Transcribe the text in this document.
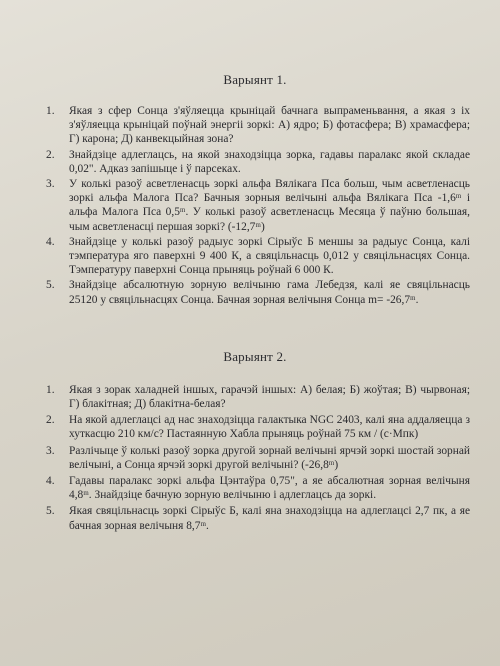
Варыянт 1.
1. Якая з сфер Сонца з'яўляецца крыніцай бачнага выпраменьвання, а якая з іх з'яўляецца крыніцай поўнай энергіі зоркі: А) ядро; Б) фотасфера; В) храмасфера; Г) карона; Д) канвекцыйная зона?
2. Знайдзіце адлеглацсь, на якой знаходзіцца зорка, гадавы паралакс якой складае 0,02". Адказ запішыце і ў парсеках.
3. У колькі разоў асветленасць зоркі альфа Вялікага Пса больш, чым асветленасць зоркі альфа Малога Пса? Бачныя зорныя велічыні альфа Вялікага Пса -1,6ᵐ і альфа Малога Пса 0,5ᵐ. У колькі разоў асветленасць Месяца ў паўню большая, чым асветленасці першая зоркі? (-12,7ᵐ)
4. Знайдзіце у колькі разоў радыус зоркі Сірыўс Б меншы за радыус Сонца, калі тэмпература яго паверхні 9 400 К, а свяцільнасць 0,012 у свяцільнасцях Сонца. Тэмпературу паверхні Сонца прыняць роўнай 6 000 К.
5. Знайдзіце абсалютную зорную велічыню гама Лебедзя, калі яе свяцільнасць 25120 у свяцільнасцях Сонца. Бачная зорная велічыня Сонца m= -26,7ᵐ.
Варыянт 2.
1. Якая з зорак халадней іншых, гарачэй іншых: А) белая; Б) жоўтая; В) чырвоная; Г) блакітная; Д) блакітна-белая?
2. На якой адлеглацсі ад нас знаходзіцца галактыка NGC 2403, калі яна аддаляецца з хуткасцю 210 км/с? Пастаянную Хабла прыняць роўнай 75 км / (с·Мпк)
3. Разлічыце ў колькі разоў зорка другой зорнай велічыні ярчэй зоркі шостай зорнай велічыні, а Сонца ярчэй зоркі другой велічыні? (-26,8ᵐ)
4. Гадавы паралакс зоркі альфа Цэнтаўра 0,75", а яе абсалютная зорная велічыня 4,8ᵐ. Знайдзіце бачную зорную велічыню і адлеглацсь да зоркі.
5. Якая свяцільнасць зоркі Сірыўс Б, калі яна знаходзіцца на адлеглацсі 2,7 пк, а яе бачная зорная велічыня 8,7ᵐ.
